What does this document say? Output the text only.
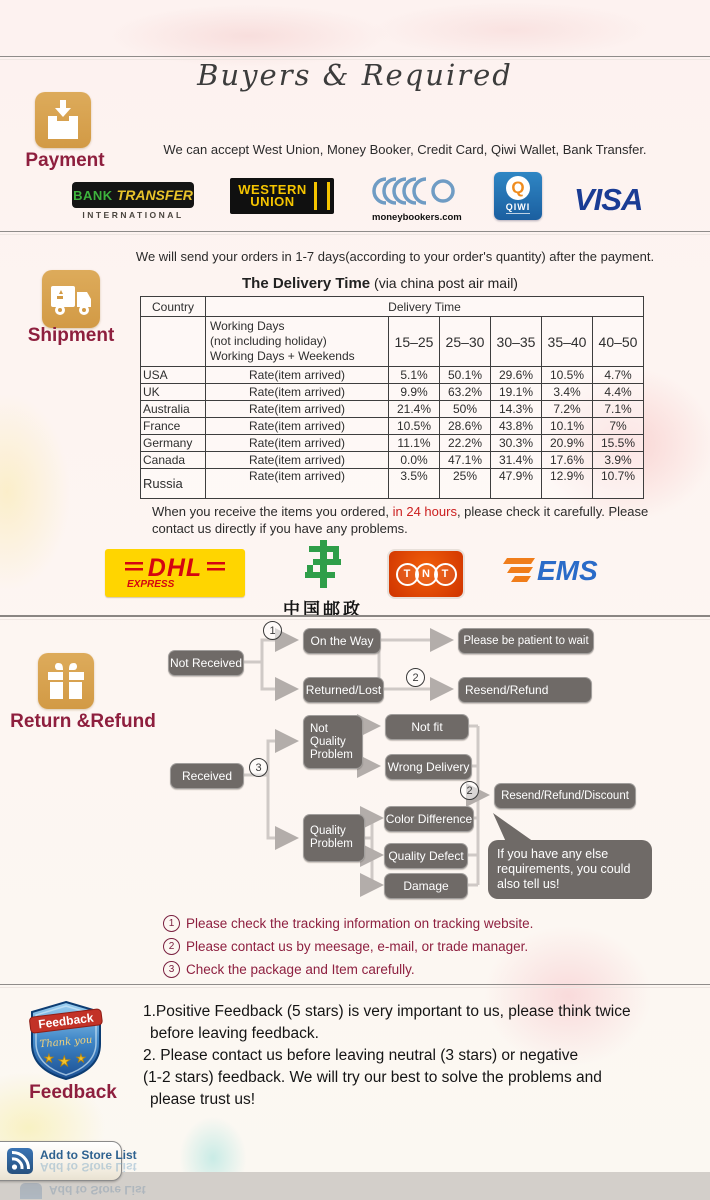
Buyers & Required
Payment
We can accept West Union, Money Booker, Credit Card, Qiwi Wallet, Bank Transfer.
BANK TRANSFER
INTERNATIONAL
WESTERN
UNION
moneybookers.com
Q
QIWI VISA
We will send your orders in 1-7 days(according to your order's quantity) after the payment.
Shipment
The Delivery Time (via china post air mail)
Country	Delivery Time					

	Working Days
(not including holiday)
Working Days + Weekends	15–25	25–30	30–35	35–40	40–50
USA	Rate(item arrived)	5.1%	50.1%	29.6%	10.5%	4.7%
UK	Rate(item arrived)	9.9%	63.2%	19.1%	3.4%	4.4%
Australia	Rate(item arrived)	21.4%	50%	14.3%	7.2%	7.1%
France	Rate(item arrived)	10.5%	28.6%	43.8%	10.1%	7%
Germany	Rate(item arrived)	11.1%	22.2%	30.3%	20.9%	15.5%
Canada	Rate(item arrived)	0.0%	47.1%	31.4%	17.6%	3.9%
Russia	Rate(item arrived)	3.5%	25%	47.9%	12.9%	10.7%
When you receive the items you ordered, in 24 hours, please check it carefully. Please contact us directly if you have any problems.
DHL
EXPRESS
中国邮政
T	N	T	EMS
Return &Refund
Not Received
On the Way	Please be patient to wait
Returned/Lost	Resend/Refund
Not Quality Problem
Not fit
Wrong Delivery
Received
Quality Problem
Color Difference
Quality Defect
Damage
Resend/Refund/Discount
If you have any else requirements, you could also tell us!
1
2
3
2
1 Please check the tracking information on tracking website.
2 Please contact us by meesage, e-mail, or trade manager.
3 Check the package and Item carefully.
Feedback
Thank you
★ ★ ★
Feedback
1.Positive Feedback (5 stars) is very important to us, please think twice
before leaving feedback.
2. Please contact us before leaving neutral (3 stars) or negative
(1-2 stars) feedback. We will try our best to solve the problems and
please trust us!
Add to Store List
Add to Store List
Add to Store List
